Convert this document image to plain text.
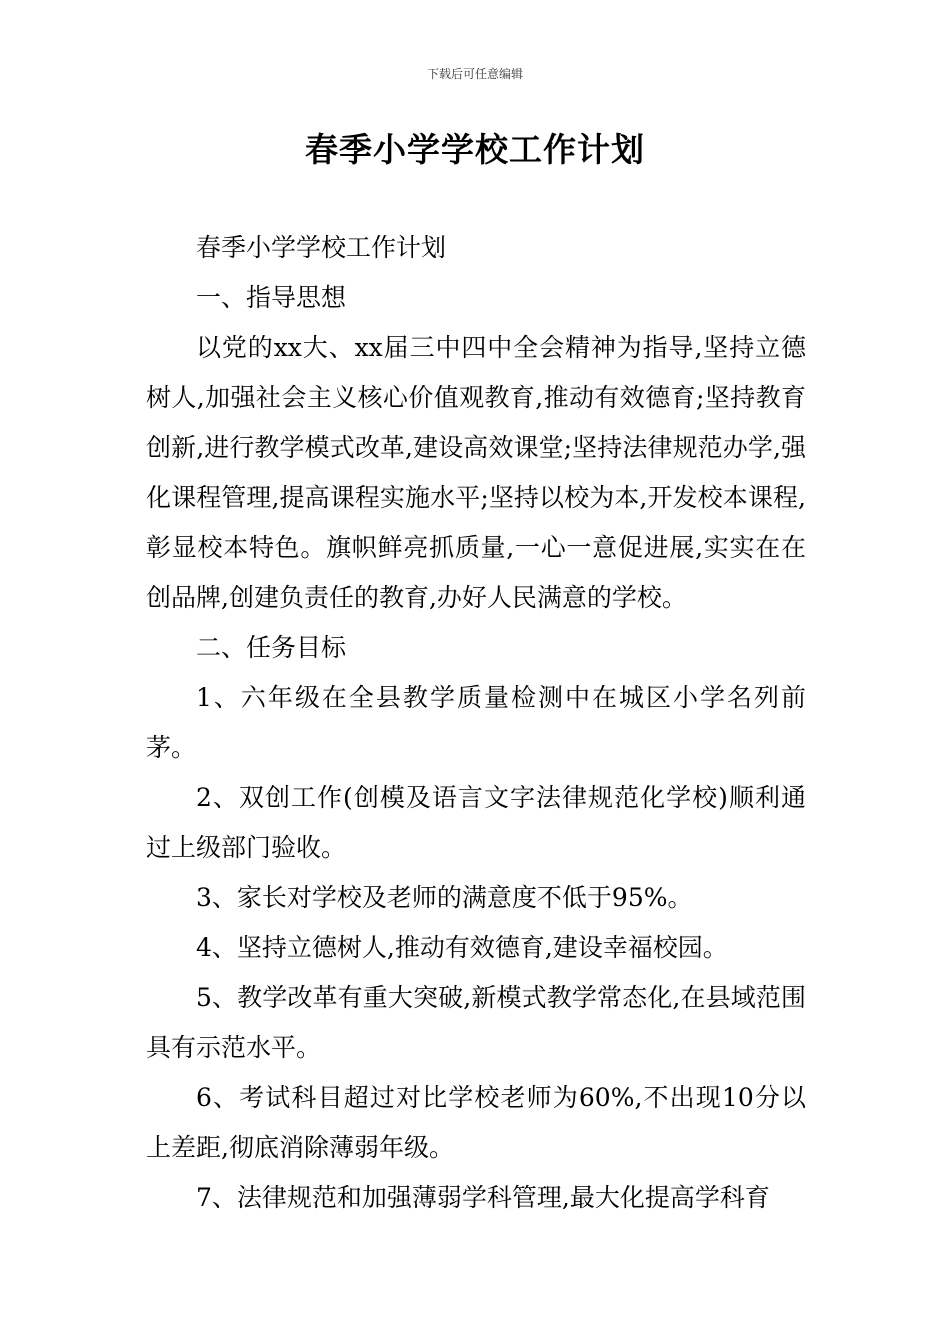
下载后可任意编辑
春季小学学校工作计划

春季小学学校工作计划

一、指导思想

以党的xx大、xx届三中四中全会精神为指导,坚持立德树人,加强社会主义核心价值观教育,推动有效德育;坚持教育创新,进行教学模式改革,建设高效课堂;坚持法律规范办学,强化课程管理,提高课程实施水平;坚持以校为本,开发校本课程,彰显校本特色。旗帜鲜亮抓质量,一心一意促进展,实实在在创品牌,创建负责任的教育,办好人民满意的学校。

二、任务目标

1、六年级在全县教学质量检测中在城区小学名列前茅。

2、双创工作(创模及语言文字法律规范化学校)顺利通过上级部门验收。

3、家长对学校及老师的满意度不低于95%。

4、坚持立德树人,推动有效德育,建设幸福校园。

5、教学改革有重大突破,新模式教学常态化,在县域范围具有示范水平。

6、考试科目超过对比学校老师为60%,不出现10分以上差距,彻底消除薄弱年级。

7、法律规范和加强薄弱学科管理,最大化提高学科育
